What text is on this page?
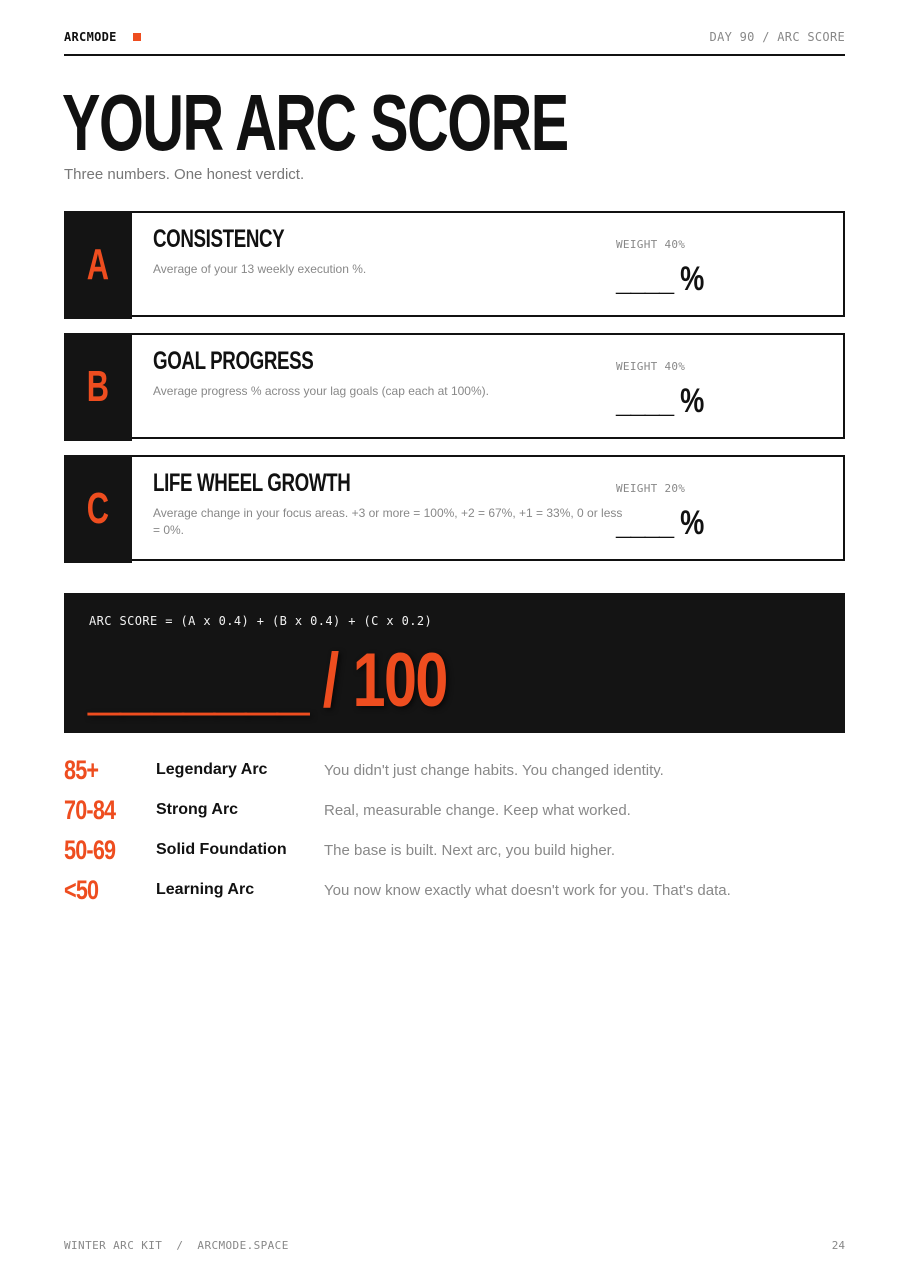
ARCMODE	DAY 90 / ARC SCORE
YOUR ARC SCORE
Three numbers. One honest verdict.
A
CONSISTENCY
Average of your 13 weekly execution %.
WEIGHT 40%
____ %
B
GOAL PROGRESS
Average progress % across your lag goals (cap each at 100%).
WEIGHT 40%
____ %
C
LIFE WHEEL GROWTH
Average change in your focus areas. +3 or more = 100%, +2 = 67%, +1 = 33%, 0 or less = 0%.
WEIGHT 20%
____ %
ARC SCORE = (A x 0.4) + (B x 0.4) + (C x 0.2)
_______ / 100
85+	Legendary Arc	You didn't just change habits. You changed identity.
70-84	Strong Arc	Real, measurable change. Keep what worked.
50-69	Solid Foundation	The base is built. Next arc, you build higher.
<50	Learning Arc	You now know exactly what doesn't work for you. That's data.
WINTER ARC KIT  /  ARCMODE.SPACE	24
